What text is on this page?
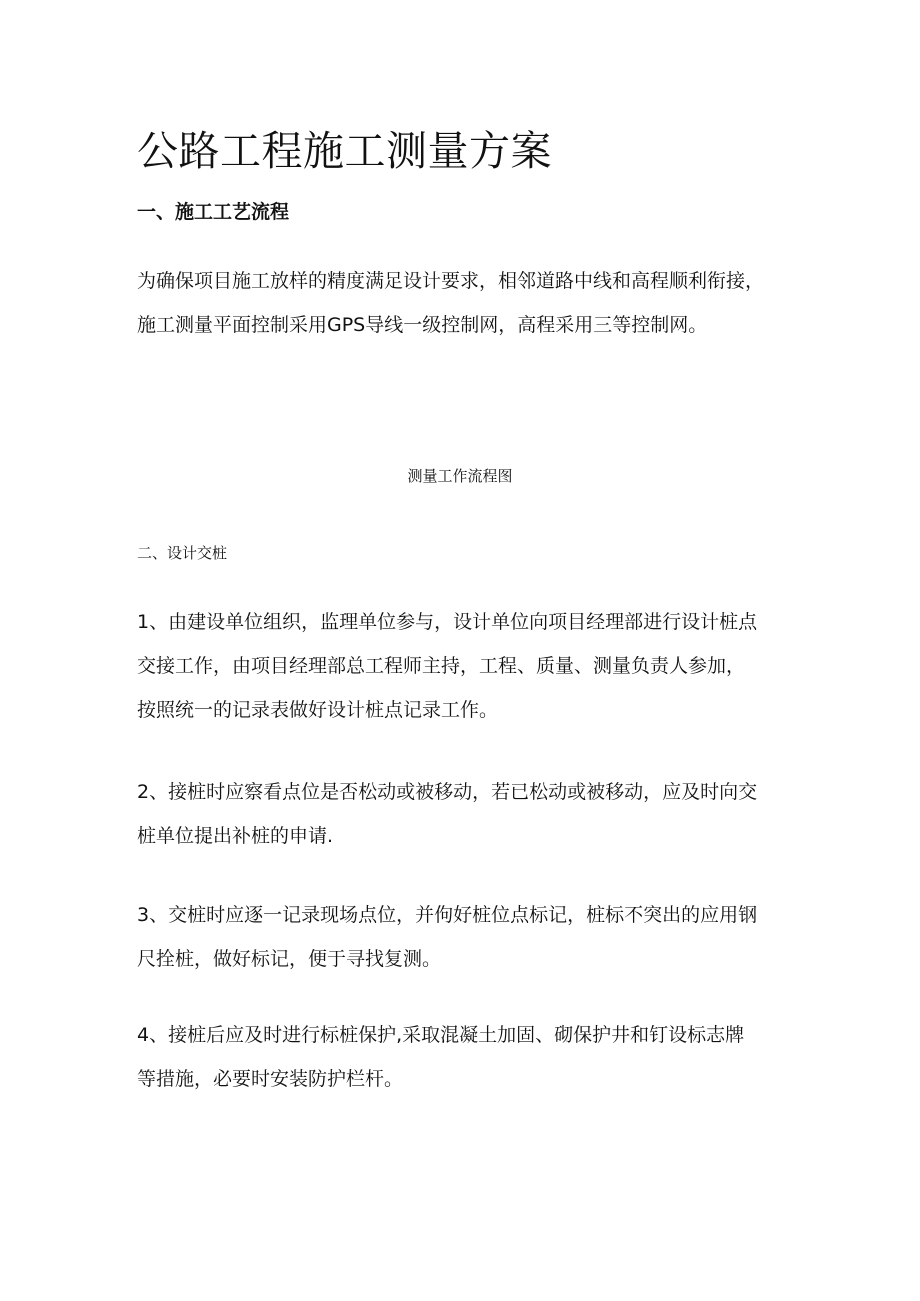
公路工程施工测量方案
一、施工工艺流程

为确保项目施工放样的精度满足设计要求，相邻道路中线和高程顺利衔接，
施工测量平面控制采用GPS导线一级控制网，高程采用三等控制网。

测量工作流程图

二、设计交桩

1、由建设单位组织，监理单位参与，设计单位向项目经理部进行设计桩点
交接工作，由项目经理部总工程师主持，工程、质量、测量负责人参加，
按照统一的记录表做好设计桩点记录工作。

2、接桩时应察看点位是否松动或被移动，若已松动或被移动，应及时向交
桩单位提出补桩的申请.

3、交桩时应逐一记录现场点位，并佝好桩位点标记，桩标不突出的应用钢
尺拴桩，做好标记，便于寻找复测。

4、接桩后应及时进行标桩保护,采取混凝土加固、砌保护井和钉设标志牌
等措施，必要时安装防护栏杆。
